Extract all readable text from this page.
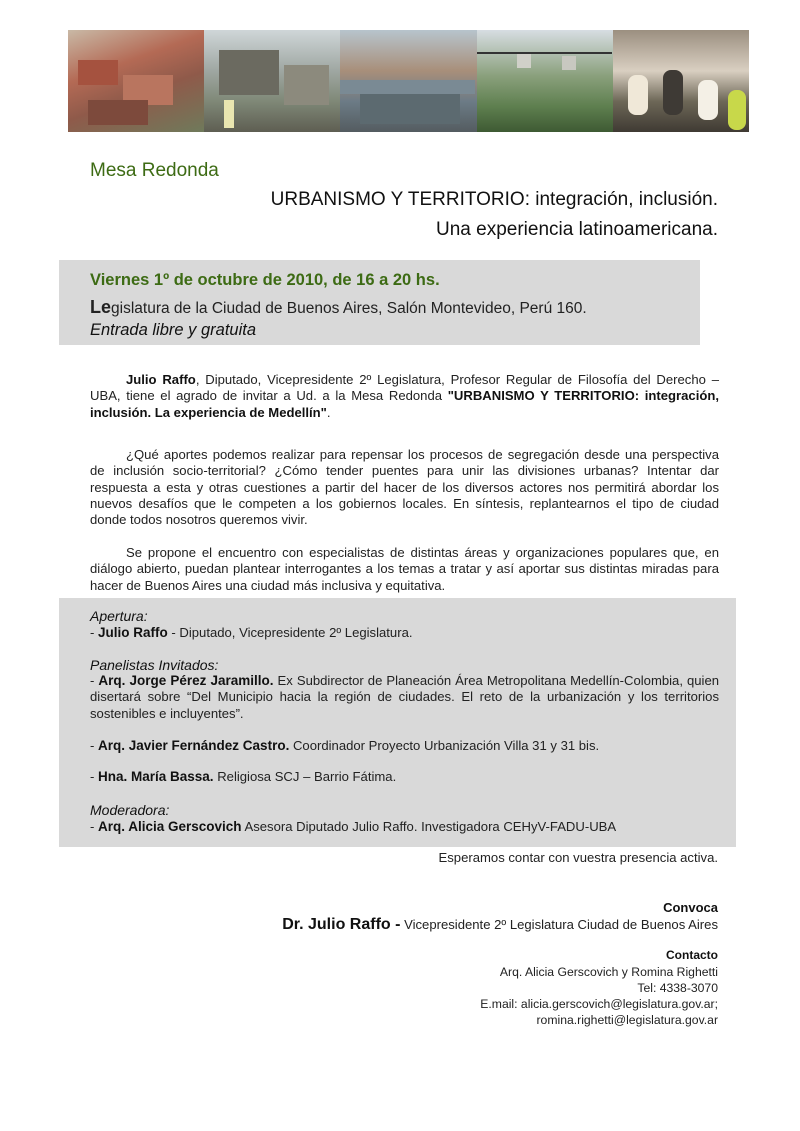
Mesa Redonda
URBANISMO Y TERRITORIO: integración, inclusión.
Una experiencia latinoamericana.
Viernes 1º de octubre de 2010, de 16 a 20 hs.
Legislatura de la Ciudad de Buenos Aires, Salón Montevideo, Perú 160.
Entrada libre y gratuita

Julio Raffo, Diputado, Vicepresidente 2º Legislatura, Profesor Regular de Filosofía del Derecho – UBA, tiene el agrado de invitar a Ud. a la Mesa Redonda "URBANISMO Y TERRITORIO: integración, inclusión. La experiencia de Medellín".

¿Qué aportes podemos realizar para repensar los procesos de segregación desde una perspectiva de inclusión socio-territorial? ¿Cómo tender puentes para unir las divisiones urbanas? Intentar dar respuesta a esta y otras cuestiones a partir del hacer de los diversos actores nos permitirá abordar los nuevos desafíos que le competen a los gobiernos locales. En síntesis, replantearnos el tipo de ciudad donde todos nosotros queremos vivir.

Se propone el encuentro con especialistas de distintas áreas y organizaciones populares que, en diálogo abierto, puedan plantear interrogantes a los temas a tratar y así aportar sus distintas miradas para hacer de Buenos Aires una ciudad más inclusiva y equitativa.

Apertura:
- Julio Raffo - Diputado, Vicepresidente 2º Legislatura.
Panelistas Invitados:
- Arq. Jorge Pérez Jaramillo. Ex Subdirector de Planeación Área Metropolitana Medellín-Colombia, quien disertará sobre “Del Municipio hacia la región de ciudades. El reto de la urbanización y los territorios sostenibles e incluyentes”.
- Arq. Javier Fernández Castro. Coordinador Proyecto Urbanización Villa 31 y 31 bis.
- Hna. María Bassa. Religiosa SCJ – Barrio Fátima.
Moderadora:
- Arq. Alicia Gerscovich Asesora Diputado Julio Raffo. Investigadora CEHyV-FADU-UBA
Esperamos contar con vuestra presencia activa.
Convoca
Dr. Julio Raffo - Vicepresidente 2º Legislatura Ciudad de Buenos Aires
Contacto
Arq. Alicia Gerscovich y Romina Righetti
Tel: 4338-3070
E.mail: alicia.gerscovich@legislatura.gov.ar;
romina.righetti@legislatura.gov.ar
